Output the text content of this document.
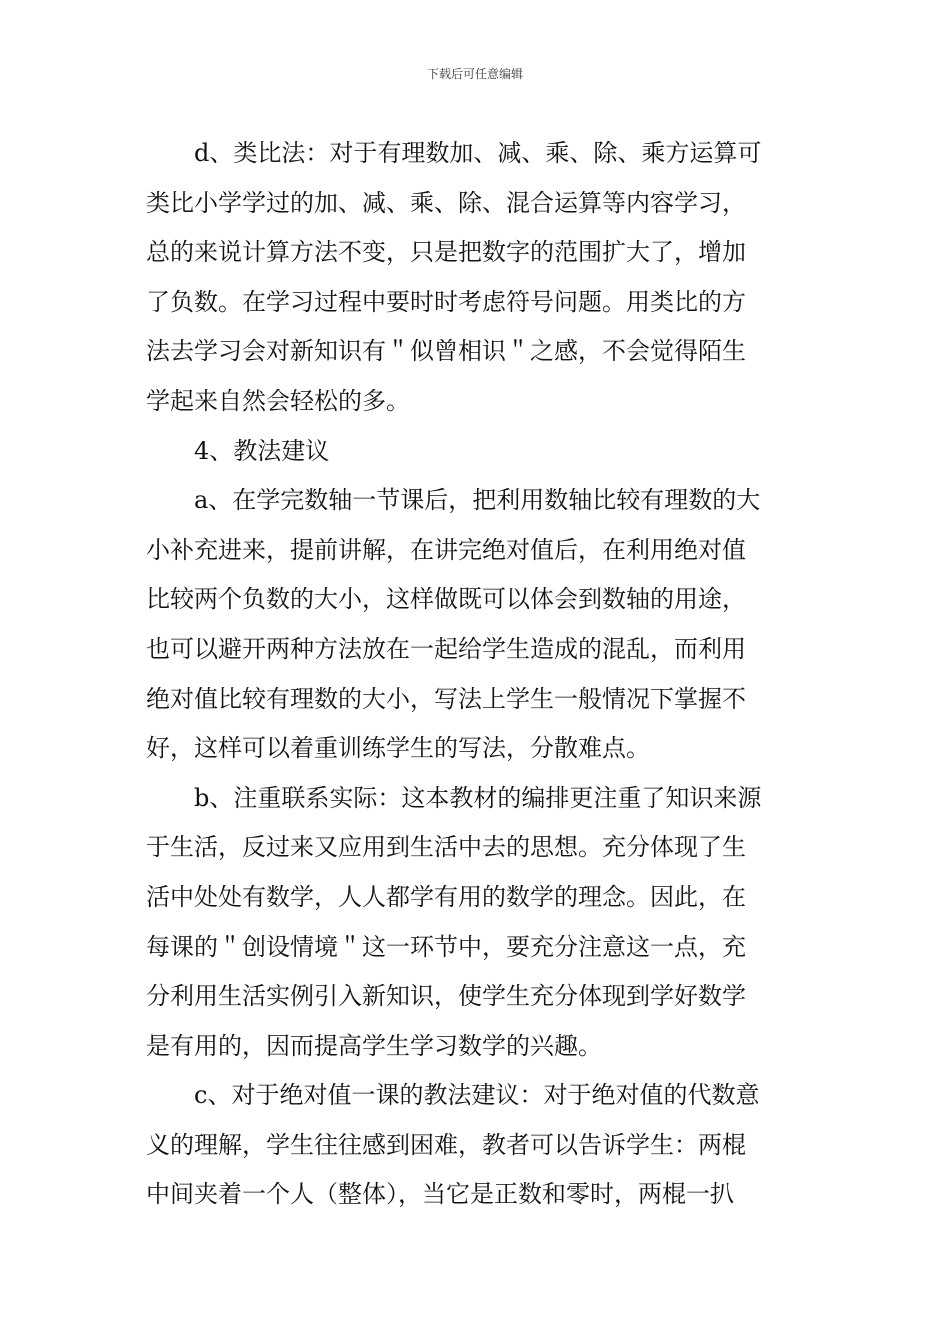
下载后可任意编辑
d、类比法：对于有理数加、减、乘、除、乘方运算可
类比小学学过的加、减、乘、除、混合运算等内容学习，
总的来说计算方法不变，只是把数字的范围扩大了，增加
了负数。在学习过程中要时时考虑符号问题。用类比的方
法去学习会对新知识有＂似曾相识＂之感，不会觉得陌生
学起来自然会轻松的多。
4、教法建议
a、在学完数轴一节课后，把利用数轴比较有理数的大
小补充进来，提前讲解，在讲完绝对值后，在利用绝对值
比较两个负数的大小，这样做既可以体会到数轴的用途，
也可以避开两种方法放在一起给学生造成的混乱，而利用
绝对值比较有理数的大小，写法上学生一般情况下掌握不
好，这样可以着重训练学生的写法，分散难点。
b、注重联系实际：这本教材的编排更注重了知识来源
于生活，反过来又应用到生活中去的思想。充分体现了生
活中处处有数学，人人都学有用的数学的理念。因此，在
每课的＂创设情境＂这一环节中，要充分注意这一点，充
分利用生活实例引入新知识，使学生充分体现到学好数学
是有用的，因而提高学生学习数学的兴趣。
c、对于绝对值一课的教法建议：对于绝对值的代数意
义的理解，学生往往感到困难，教者可以告诉学生：两棍
中间夹着一个人（整体），当它是正数和零时，两棍一扒
